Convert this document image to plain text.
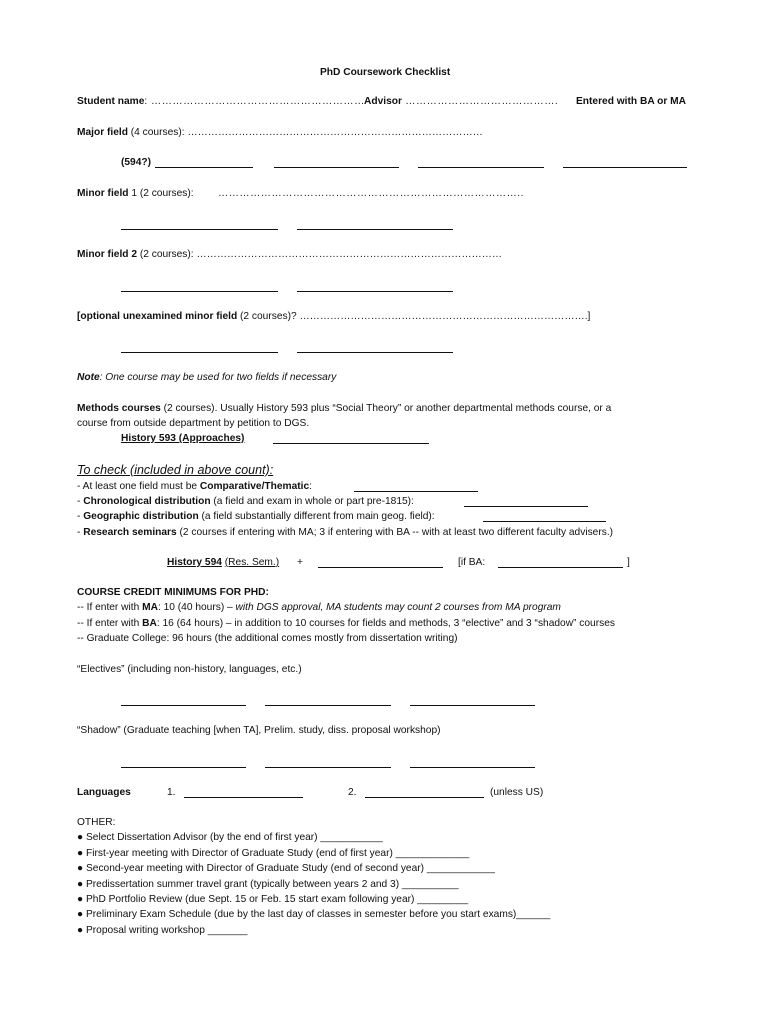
PhD Coursework Checklist
Student name: …………………………………………………… Advisor ……………………………………. Entered with BA or MA
Major field (4 courses): ……………………………………………………………………………
(594?)
Minor field 1 (2 courses): …………………………………………………………………………..
Minor field 2 (2 courses): ………………………………………………………………………………
[optional unexamined minor field (2 courses)? ………………………………………………………………………….]
Note: One course may be used for two fields if necessary
Methods courses (2 courses). Usually History 593 plus “Social Theory” or another departmental methods course, or a
course from outside department by petition to DGS.
History 593 (Approaches)
To check (included in above count):
- At least one field must be Comparative/Thematic:
- Chronological distribution (a field and exam in whole or part pre-1815):
- Geographic distribution (a field substantially different from main geog. field):
- Research seminars (2 courses if entering with MA; 3 if entering with BA -- with at least two different faculty advisers.)
History 594 (Res. Sem.) +	[if BA:	]
COURSE CREDIT MINIMUMS FOR PHD:
-- If enter with MA: 10 (40 hours) – with DGS approval, MA students may count 2 courses from MA program
-- If enter with BA: 16 (64 hours) – in addition to 10 courses for fields and methods, 3 “elective” and 3 “shadow” courses
-- Graduate College: 96 hours (the additional comes mostly from dissertation writing)
“Electives” (including non-history, languages, etc.)
“Shadow” (Graduate teaching [when TA], Prelim. study, diss. proposal workshop)
Languages	1.	2.	(unless US)
OTHER:
● Select Dissertation Advisor (by the end of first year) ___________
● First-year meeting with Director of Graduate Study (end of first year) _____________
● Second-year meeting with Director of Graduate Study (end of second year) ____________
● Predissertation summer travel grant (typically between years 2 and 3) __________
● PhD Portfolio Review (due Sept. 15 or Feb. 15 start exam following year) _________
● Preliminary Exam Schedule (due by the last day of classes in semester before you start exams)______
● Proposal writing workshop _______
